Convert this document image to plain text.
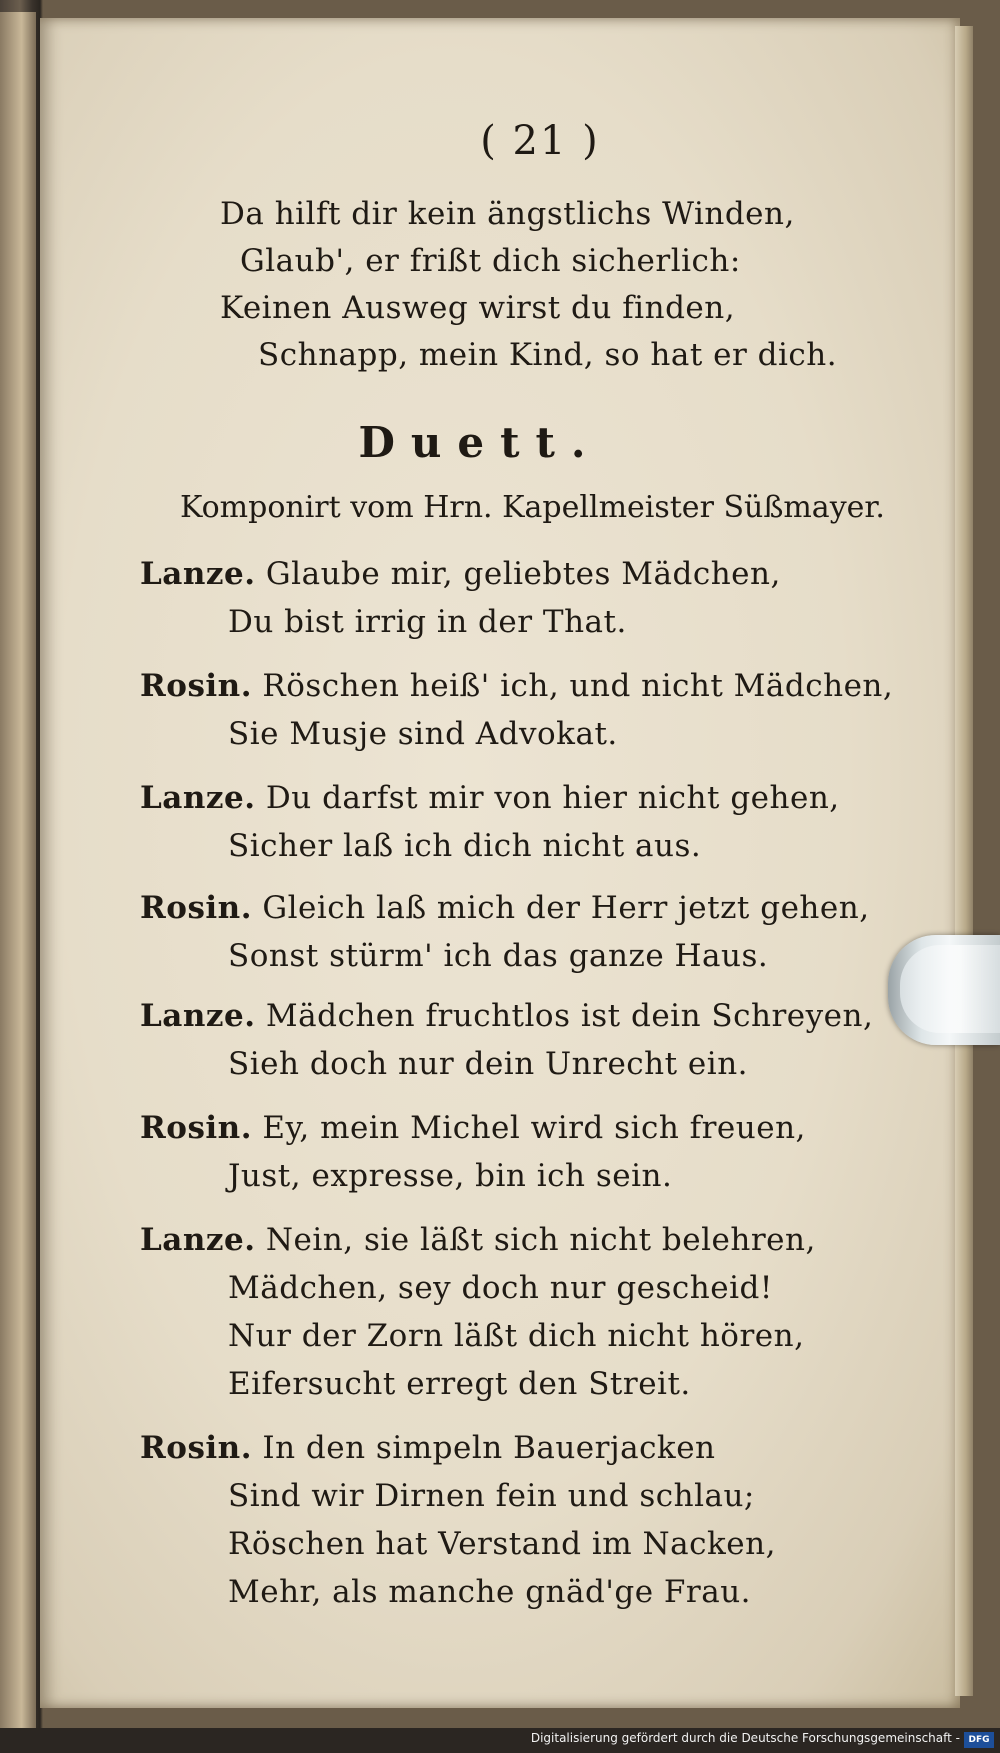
( 21 )
Da hilft dir kein ängstlichs Winden,
Glaub', er frißt dich sicherlich:
Keinen Ausweg wirst du finden,
Schnapp, mein Kind, so hat er dich.
Duett.
Komponirt vom Hrn. Kapellmeister Süßmayer.
Lanze. Glaube mir, geliebtes Mädchen,
Du bist irrig in der That.
Rosin. Röschen heiß' ich, und nicht Mädchen,
Sie Musje sind Advokat.
Lanze. Du darfst mir von hier nicht gehen,
Sicher laß ich dich nicht aus.
Rosin. Gleich laß mich der Herr jetzt gehen,
Sonst stürm' ich das ganze Haus.
Lanze. Mädchen fruchtlos ist dein Schreyen,
Sieh doch nur dein Unrecht ein.
Rosin. Ey, mein Michel wird sich freuen,
Just, expresse, bin ich sein.
Lanze. Nein, sie läßt sich nicht belehren,
Mädchen, sey doch nur gescheid!
Nur der Zorn läßt dich nicht hören,
Eifersucht erregt den Streit.
Rosin. In den simpeln Bauerjacken
Sind wir Dirnen fein und schlau;
Röschen hat Verstand im Nacken,
Mehr, als manche gnäd'ge Frau.
Digitalisierung gefördert durch die Deutsche Forschungsgemeinschaft - DFG
